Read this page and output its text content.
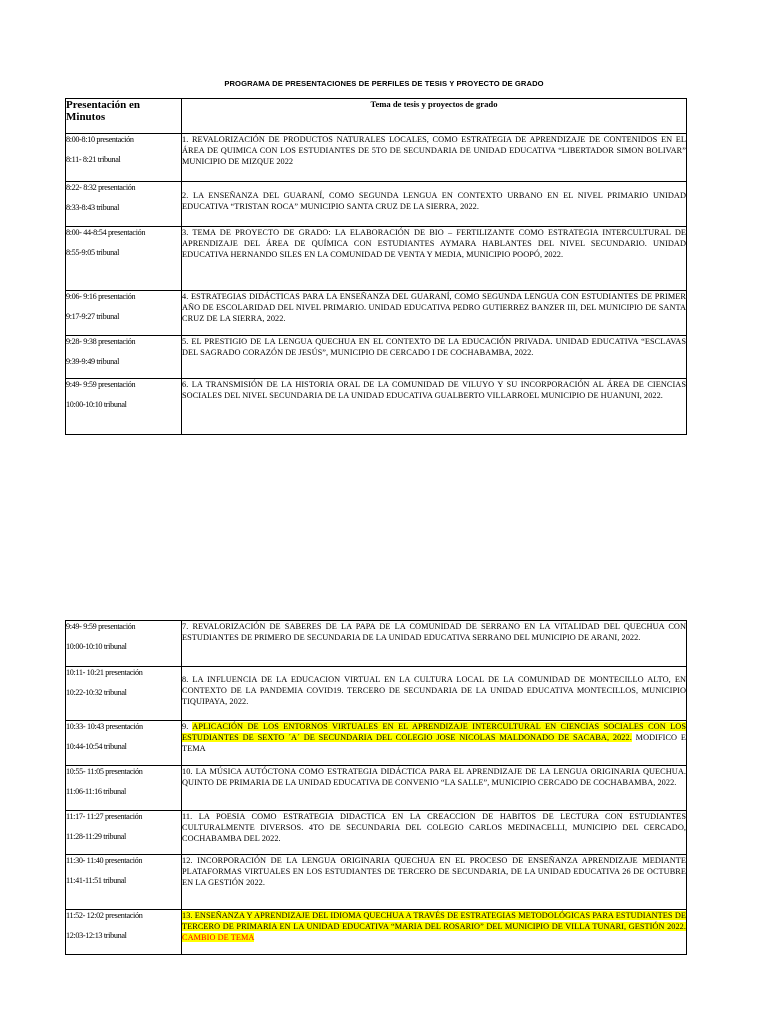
PROGRAMA DE PRESENTACIONES DE PERFILES DE TESIS Y PROYECTO DE GRADO
Presentación en Minutos	Tema de tesis y proyectos de grado

8:00-8:10 presentación
8:11- 8:21 tribunal	1. REVALORIZACIÓN DE PRODUCTOS NATURALES LOCALES, COMO ESTRATEGIA DE APRENDIZAJE DE CONTENIDOS EN EL ÁREA DE QUIMICA CON LOS ESTUDIANTES DE 5TO DE SECUNDARIA DE UNIDAD EDUCATIVA “LIBERTADOR SIMON BOLIVAR” MUNICIPIO DE MIZQUE 2022

8:22- 8:32 presentación
8:33-8:43 tribunal	2. LA ENSEÑANZA DEL GUARANÍ, COMO SEGUNDA LENGUA EN CONTEXTO URBANO EN EL NIVEL PRIMARIO UNIDAD EDUCATIVA “TRISTAN ROCA” MUNICIPIO SANTA CRUZ DE LA SIERRA, 2022.

8:00- 44-8:54 presentación
8:55-9:05 tribunal	3. TEMA DE PROYECTO DE GRADO: LA ELABORACIÓN DE BIO – FERTILIZANTE COMO ESTRATEGIA INTERCULTURAL DE APRENDIZAJE DEL ÁREA DE QUÍMICA CON ESTUDIANTES AYMARA HABLANTES DEL NIVEL SECUNDARIO. UNIDAD EDUCATIVA HERNANDO SILES EN LA COMUNIDAD DE VENTA Y MEDIA, MUNICIPIO POOPÓ, 2022.

9:06- 9:16 presentación
9:17-9:27 tribunal	4. ESTRATEGIAS DIDÁCTICAS PARA LA ENSEÑANZA DEL GUARANÍ, COMO SEGUNDA LENGUA CON ESTUDIANTES DE PRIMER AÑO DE ESCOLARIDAD DEL NIVEL PRIMARIO. UNIDAD EDUCATIVA PEDRO GUTIERREZ BANZER III, DEL MUNICIPIO DE SANTA CRUZ DE LA SIERRA, 2022.

9:28- 9:38 presentación
9:39-9:49 tribunal	5. EL PRESTIGIO DE LA LENGUA QUECHUA EN EL CONTEXTO DE LA EDUCACIÓN PRIVADA. UNIDAD EDUCATIVA “ESCLAVAS DEL SAGRADO CORAZÓN DE JESÚS”, MUNICIPIO DE CERCADO I DE COCHABAMBA, 2022.

9:49- 9:59 presentación
10:00-10:10 tribunal	6. LA TRANSMISIÓN DE LA HISTORIA ORAL DE LA COMUNIDAD DE VILUYO Y SU INCORPORACIÓN AL ÁREA DE CIENCIAS SOCIALES DEL NIVEL SECUNDARIA DE LA UNIDAD EDUCATIVA GUALBERTO VILLARROEL MUNICIPIO DE HUANUNI, 2022.
9:49- 9:59 presentación
10:00-10:10 tribunal	7. REVALORIZACIÓN DE SABERES DE LA PAPA DE LA COMUNIDAD DE SERRANO EN LA VITALIDAD DEL QUECHUA CON ESTUDIANTES DE PRIMERO DE SECUNDARIA DE LA UNIDAD EDUCATIVA SERRANO DEL MUNICIPIO DE ARANI, 2022.

10:11- 10:21 presentación
10:22-10:32 tribunal	8. LA INFLUENCIA DE LA EDUCACION VIRTUAL EN LA CULTURA LOCAL DE LA COMUNIDAD DE MONTECILLO ALTO, EN CONTEXTO DE LA PANDEMIA COVID19. TERCERO DE SECUNDARIA DE LA UNIDAD EDUCATIVA MONTECILLOS, MUNICIPIO TIQUIPAYA, 2022.

10:33- 10:43 presentación
10:44-10:54 tribunal	9. APLICACIÓN DE LOS ENTORNOS VIRTUALES EN EL APRENDIZAJE INTERCULTURAL EN CIENCIAS SOCIALES CON LOS ESTUDIANTES DE SEXTO ´A´ DE SECUNDARIA DEL COLEGIO JOSE NICOLAS MALDONADO DE SACABA, 2022. MODIFICO E TEMA

10:55- 11:05 presentación
11:06-11:16 tribunal	10. LA MÚSICA AUTÓCTONA COMO ESTRATEGIA DIDÁCTICA PARA EL APRENDIZAJE DE LA LENGUA ORIGINARIA QUECHUA. QUINTO DE PRIMARIA DE LA UNIDAD EDUCATIVA DE CONVENIO “LA SALLE”, MUNICIPIO CERCADO DE COCHABAMBA, 2022.

11:17- 11:27 presentación
11:28-11:29 tribunal	11. LA POESIA COMO ESTRATEGIA DIDACTICA EN LA CREACCION DE HABITOS DE LECTURA CON ESTUDIANTES CULTURALMENTE DIVERSOS. 4TO DE SECUNDARIA DEL COLEGIO CARLOS MEDINACELLI, MUNICIPIO DEL CERCADO, COCHABAMBA DEL 2022.

11:30- 11:40 presentación
11:41-11:51 tribunal	12. INCORPORACIÓN DE LA LENGUA ORIGINARIA QUECHUA EN EL PROCESO DE ENSEÑANZA APRENDIZAJE MEDIANTE PLATAFORMAS VIRTUALES EN LOS ESTUDIANTES DE TERCERO DE SECUNDARIA, DE LA UNIDAD EDUCATIVA 26 DE OCTUBRE EN LA GESTIÓN 2022.

11:52- 12:02 presentación
12:03-12:13 tribunal	13. ENSEÑANZA Y APRENDIZAJE DEL IDIOMA QUECHUA A TRAVÉS DE ESTRATEGIAS METODOLÓGICAS PARA ESTUDIANTES DE TERCERO DE PRIMARIA EN LA UNIDAD EDUCATIVA “MARIA DEL ROSARIO” DEL MUNICIPIO DE VILLA TUNARI, GESTIÓN 2022. CAMBIO DE TEMA
